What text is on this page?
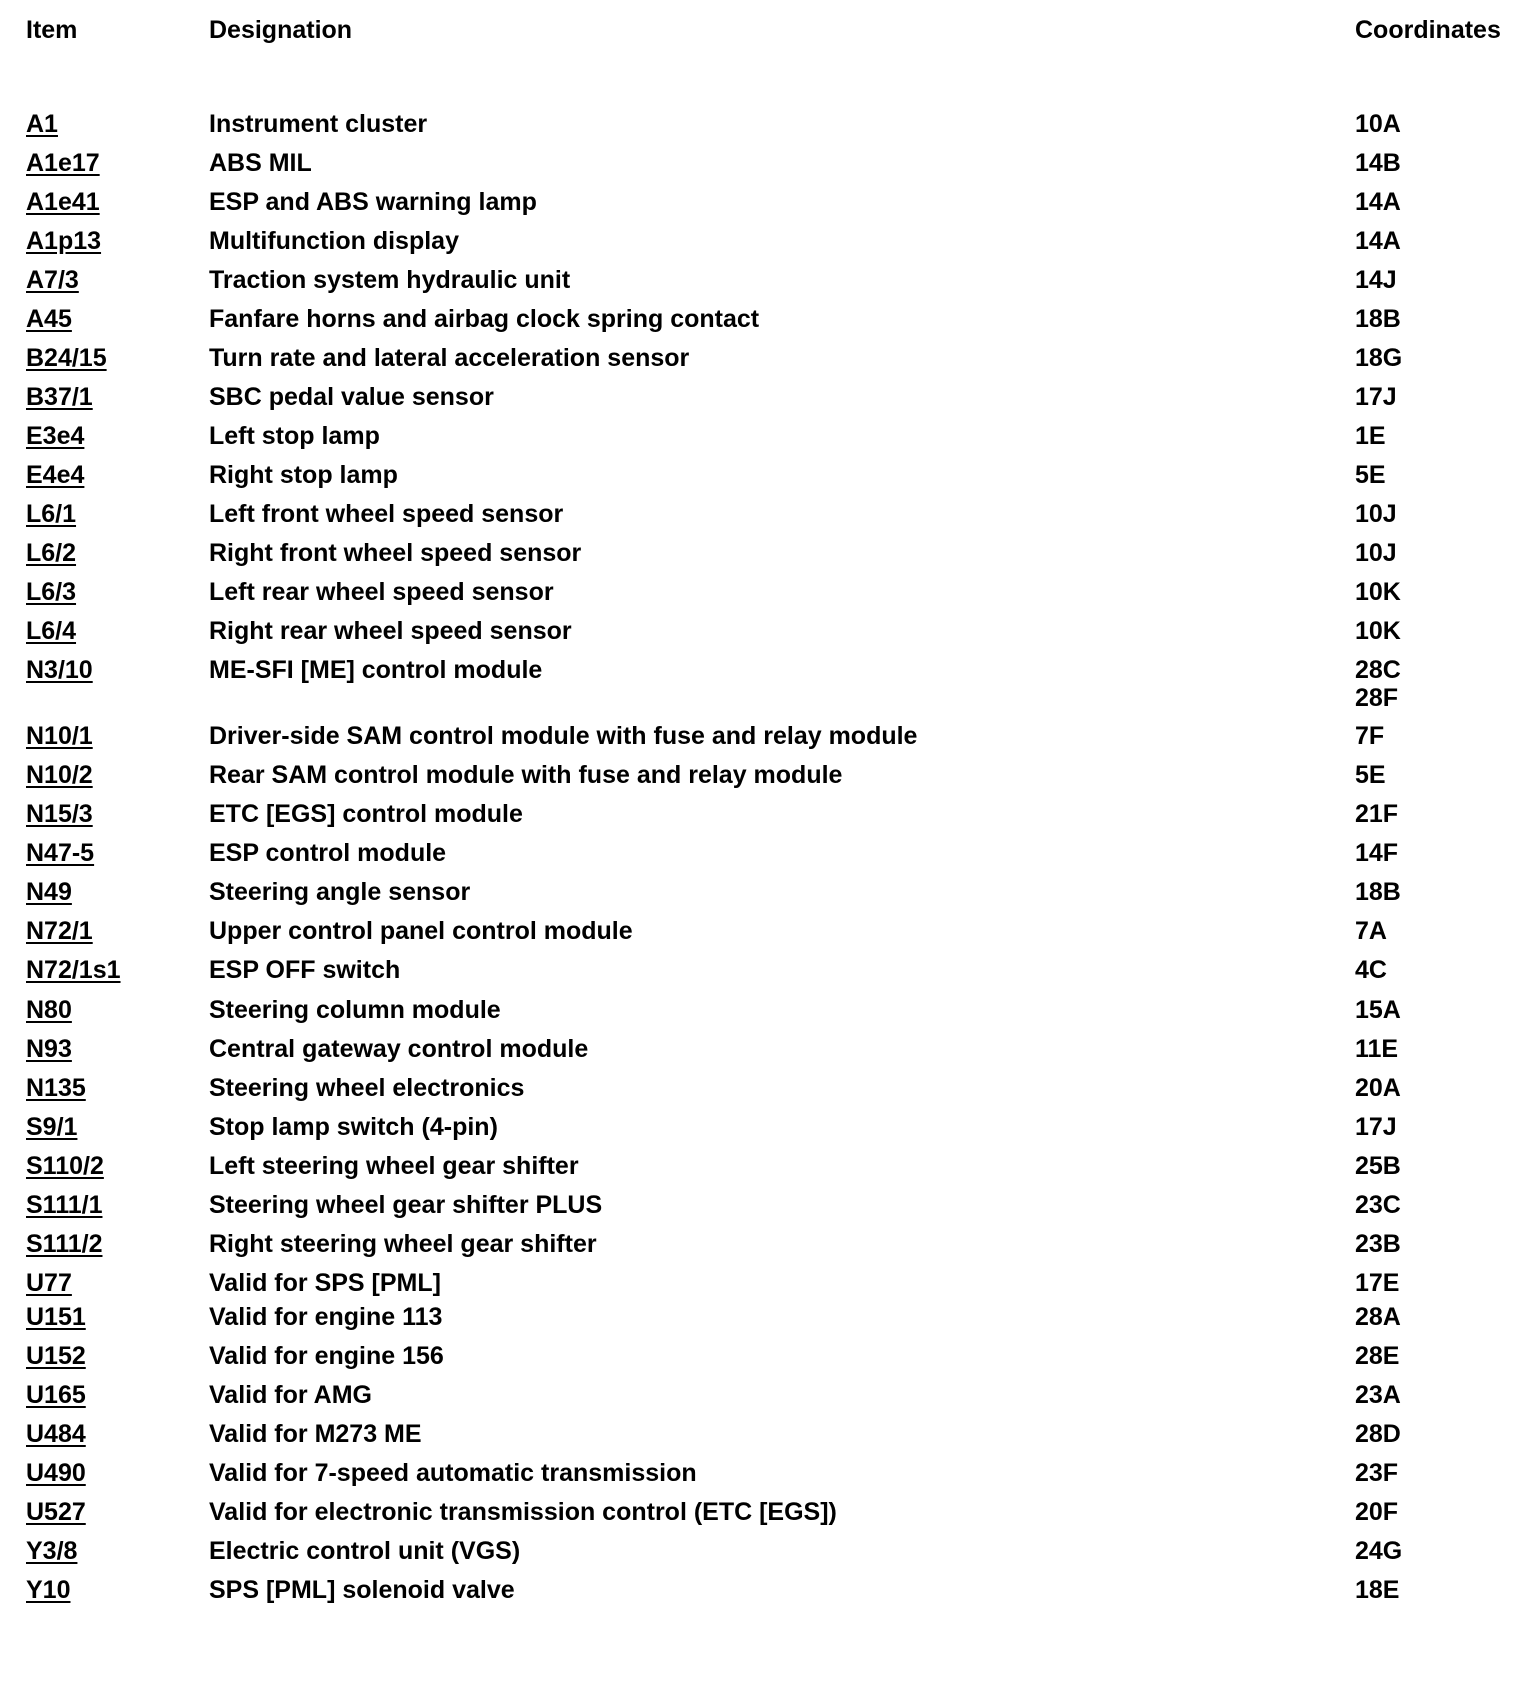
Item	Designation	Coordinates
A1	Instrument cluster	10A
A1e17	ABS MIL	14B
A1e41	ESP and ABS warning lamp	14A
A1p13	Multifunction display	14A
A7/3	Traction system hydraulic unit	14J
A45	Fanfare horns and airbag clock spring contact	18B
B24/15	Turn rate and lateral acceleration sensor	18G
B37/1	SBC pedal value sensor	17J
E3e4	Left stop lamp	1E
E4e4	Right stop lamp	5E
L6/1	Left front wheel speed sensor	10J
L6/2	Right front wheel speed sensor	10J
L6/3	Left rear wheel speed sensor	10K
L6/4	Right rear wheel speed sensor	10K
N3/10	ME-SFI [ME] control module	28C
28F
N10/1	Driver-side SAM control module with fuse and relay module	7F
N10/2	Rear SAM control module with fuse and relay module	5E
N15/3	ETC [EGS] control module	21F
N47-5	ESP control module	14F
N49	Steering angle sensor	18B
N72/1	Upper control panel control module	7A
N72/1s1	ESP OFF switch	4C
N80	Steering column module	15A
N93	Central gateway control module	11E
N135	Steering wheel electronics	20A
S9/1	Stop lamp switch (4-pin)	17J
S110/2	Left steering wheel gear shifter	25B
S111/1	Steering wheel gear shifter PLUS	23C
S111/2	Right steering wheel gear shifter	23B
U77	Valid for SPS [PML]	17E
U151	Valid for engine 113	28A
U152	Valid for engine 156	28E
U165	Valid for AMG	23A
U484	Valid for M273 ME	28D
U490	Valid for 7-speed automatic transmission	23F
U527	Valid for electronic transmission control (ETC [EGS])	20F
Y3/8	Electric control unit (VGS)	24G
Y10	SPS [PML] solenoid valve	18E
